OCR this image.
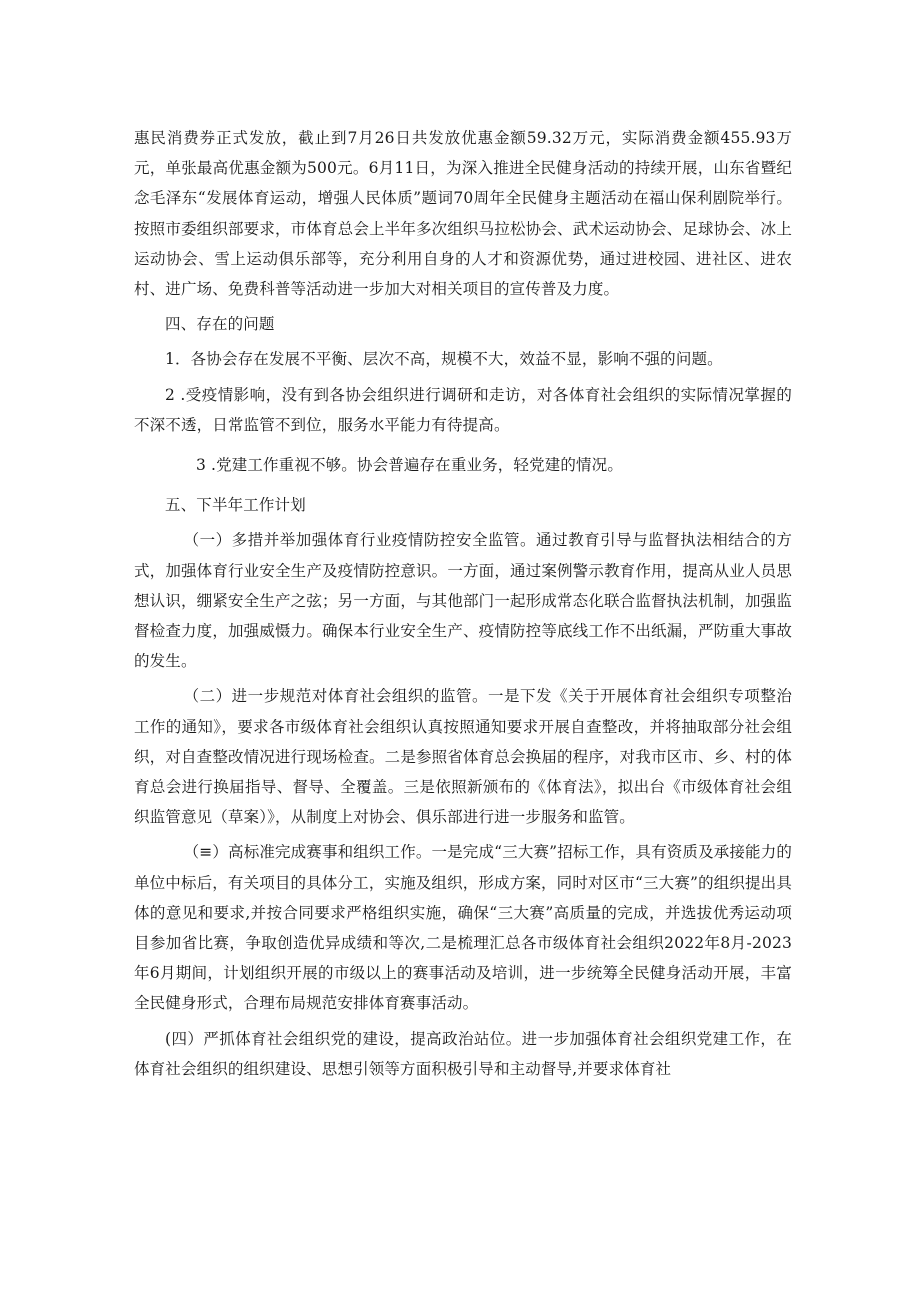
惠民消费券正式发放，截止到7月26日共发放优惠金额59.32万元，实际消费金额455.93万元，单张最高优惠金额为500元。6月11日，为深入推进全民健身活动的持续开展，山东省暨纪念毛泽东“发展体育运动，增强人民体质”题词70周年全民健身主题活动在福山保利剧院举行。按照市委组织部要求，市体育总会上半年多次组织马拉松协会、武术运动协会、足球协会、冰上运动协会、雪上运动俱乐部等，充分利用自身的人才和资源优势，通过进校园、进社区、进农村、进广场、免费科普等活动进一步加大对相关项目的宣传普及力度。

四、存在的问题

1．各协会存在发展不平衡、层次不高，规模不大，效益不显，影响不强的问题。

2 .受疫情影响，没有到各协会组织进行调研和走访，对各体育社会组织的实际情况掌握的不深不透，日常监管不到位，服务水平能力有待提高。

3 .党建工作重视不够。协会普遍存在重业务，轻党建的情况。

五、下半年工作计划

（一）多措并举加强体育行业疫情防控安全监管。通过教育引导与监督执法相结合的方式，加强体育行业安全生产及疫情防控意识。一方面，通过案例警示教育作用，提高从业人员思想认识，绷紧安全生产之弦；另一方面，与其他部门一起形成常态化联合监督执法机制，加强监督检查力度，加强威慑力。确保本行业安全生产、疫情防控等底线工作不出纸漏，严防重大事故的发生。

（二）进一步规范对体育社会组织的监管。一是下发《关于开展体育社会组织专项整治工作的通知》，要求各市级体育社会组织认真按照通知要求开展自查整改，并将抽取部分社会组织，对自查整改情况进行现场检查。二是参照省体育总会换届的程序，对我市区市、乡、村的体育总会进行换届指导、督导、全覆盖。三是依照新颁布的《体育法》，拟出台《市级体育社会组织监管意见（草案）》，从制度上对协会、俱乐部进行进一步服务和监管。

（≡）高标准完成赛事和组织工作。一是完成“三大赛”招标工作，具有资质及承接能力的单位中标后，有关项目的具体分工，实施及组织，形成方案，同时对区市“三大赛”的组织提出具体的意见和要求,并按合同要求严格组织实施，确保“三大赛”高质量的完成，并选拔优秀运动项目参加省比赛，争取创造优异成绩和等次,二是梳理汇总各市级体育社会组织2022年8月-2023年6月期间，计划组织开展的市级以上的赛事活动及培训，进一步统筹全民健身活动开展，丰富全民健身形式，合理布局规范安排体育赛事活动。

(四）严抓体育社会组织党的建设，提高政治站位。进一步加强体育社会组织党建工作，在体育社会组织的组织建设、思想引领等方面积极引导和主动督导,并要求体育社
